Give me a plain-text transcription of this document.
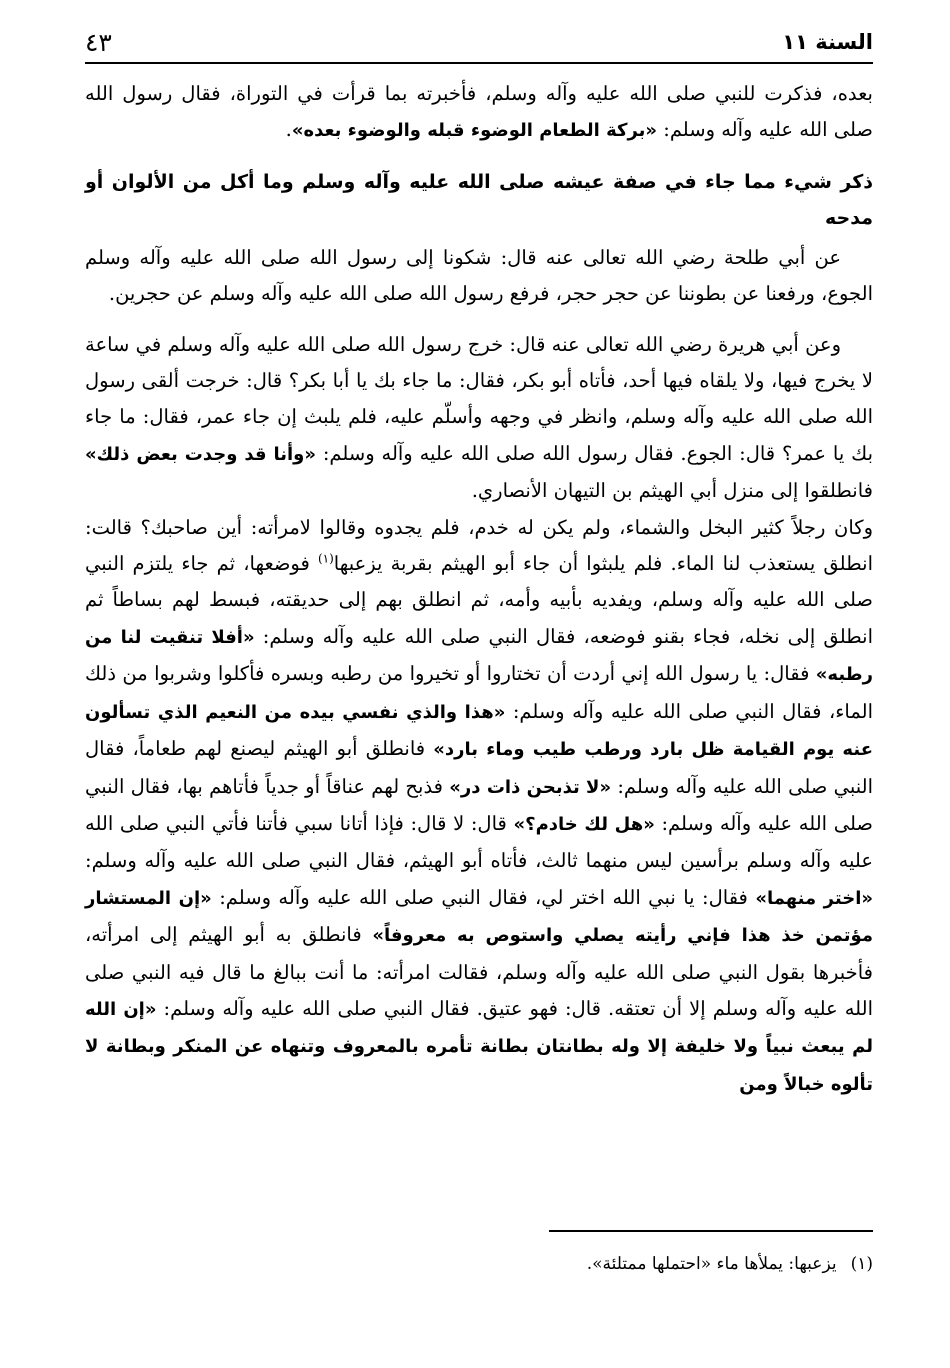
السنة ١١
٤٣

بعده، فذكرت للنبي صلى الله عليه وآله وسلم، فأخبرته بما قرأت في التوراة، فقال رسول الله صلى الله عليه وآله وسلم: «بركة الطعام الوضوء قبله والوضوء بعده».

ذكر شيء مما جاء في صفة عيشه صلى الله عليه وآله وسلم وما أكل من الألوان أو مدحه

عن أبي طلحة رضي الله تعالى عنه قال: شكونا إلى رسول الله صلى الله عليه وآله وسلم الجوع، ورفعنا عن بطوننا عن حجر حجر، فرفع رسول الله صلى الله عليه وآله وسلم عن حجرين.

وعن أبي هريرة رضي الله تعالى عنه قال: خرج رسول الله صلى الله عليه وآله وسلم في ساعة لا يخرج فيها، ولا يلقاه فيها أحد، فأتاه أبو بكر، فقال: ما جاء بك يا أبا بكر؟ قال: خرجت ألقى رسول الله صلى الله عليه وآله وسلم، وانظر في وجهه وأسلّم عليه، فلم يلبث إن جاء عمر، فقال: ما جاء بك يا عمر؟ قال: الجوع. فقال رسول الله صلى الله عليه وآله وسلم: «وأنا قد وجدت بعض ذلك» فانطلقوا إلى منزل أبي الهيثم بن التيهان الأنصاري.

وكان رجلاً كثير البخل والشماء، ولم يكن له خدم، فلم يجدوه وقالوا لامرأته: أين صاحبك؟ قالت: انطلق يستعذب لنا الماء. فلم يلبثوا أن جاء أبو الهيثم بقربة يزعبها$^{(١)}$ فوضعها، ثم جاء يلتزم النبي صلى الله عليه وآله وسلم، ويفديه بأبيه وأمه، ثم انطلق بهم إلى حديقته، فبسط لهم بساطاً ثم انطلق إلى نخله، فجاء بقنو فوضعه، فقال النبي صلى الله عليه وآله وسلم: «أفلا تنقيت لنا من رطبه» فقال: يا رسول الله إني أردت أن تختاروا أو تخيروا من رطبه وبسره فأكلوا وشربوا من ذلك الماء، فقال النبي صلى الله عليه وآله وسلم: «هذا والذي نفسي بيده من النعيم الذي تسألون عنه يوم القيامة ظل بارد ورطب طيب وماء بارد» فانطلق أبو الهيثم ليصنع لهم طعاماً، فقال النبي صلى الله عليه وآله وسلم: «لا تذبحن ذات در» فذبح لهم عناقاً أو جدياً فأتاهم بها، فقال النبي صلى الله عليه وآله وسلم: «هل لك خادم؟» قال: لا قال: فإذا أتانا سبي فأتنا فأتي النبي صلى الله عليه وآله وسلم برأسين ليس منهما ثالث، فأتاه أبو الهيثم، فقال النبي صلى الله عليه وآله وسلم: «اختر منهما» فقال: يا نبي الله اختر لي، فقال النبي صلى الله عليه وآله وسلم: «إن المستشار مؤتمن خذ هذا فإني رأيته يصلي واستوص به معروفاً» فانطلق به أبو الهيثم إلى امرأته، فأخبرها بقول النبي صلى الله عليه وآله وسلم، فقالت امرأته: ما أنت ببالغ ما قال فيه النبي صلى الله عليه وآله وسلم إلا أن تعتقه. قال: فهو عتيق. فقال النبي صلى الله عليه وآله وسلم: «إن الله لم يبعث نبياً ولا خليفة إلا وله بطانتان بطانة تأمره بالمعروف وتنهاه عن المنكر وبطانة لا تألوه خبالاً ومن

(١)يزعبها: يملأها ماء «احتملها ممتلئة».
